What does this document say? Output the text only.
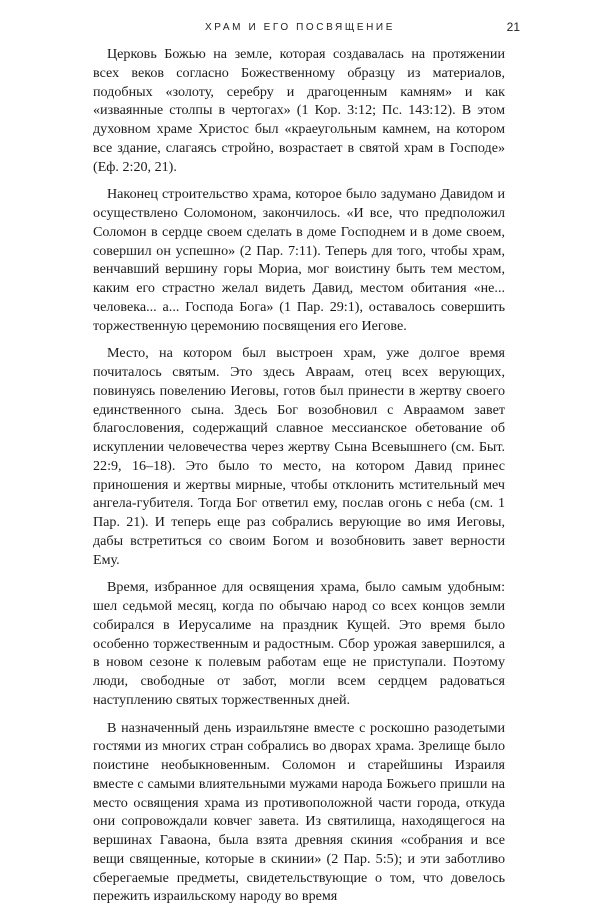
ХРАМ И ЕГО ПОСВЯЩЕНИЕ	21

Церковь Божью на земле, которая создавалась на протяжении всех веков согласно Божественному образцу из материалов, подобных «золоту, серебру и драгоценным камням» и как «изваянные столпы в чертогах» (1 Кор. 3:12; Пс. 143:12). В этом духовном храме Христос был «краеугольным камнем, на котором все здание, слагаясь стройно, возрастает в святой храм в Господе» (Еф. 2:20, 21).

Наконец строительство храма, которое было задумано Давидом и осуществлено Соломоном, закончилось. «И все, что предположил Соломон в сердце своем сделать в доме Господнем и в доме своем, совершил он успешно» (2 Пар. 7:11). Теперь для того, чтобы храм, венчавший вершину горы Мориа, мог воистину быть тем местом, каким его страстно желал видеть Давид, местом обитания «не... человека... а... Господа Бога» (1 Пар. 29:1), оставалось совершить торжественную церемонию посвящения его Иегове.

Место, на котором был выстроен храм, уже долгое время почиталось святым. Это здесь Авраам, отец всех верующих, повинуясь повелению Иеговы, готов был принести в жертву своего единственного сына. Здесь Бог возобновил с Авраамом завет благословения, содержащий славное мессианское обетование об искуплении человечества через жертву Сына Всевышнего (см. Быт. 22:9, 16–18). Это было то место, на котором Давид принес приношения и жертвы мирные, чтобы отклонить мстительный меч ангела-губителя. Тогда Бог ответил ему, послав огонь с неба (см. 1 Пар. 21). И теперь еще раз собрались верующие во имя Иеговы, дабы встретиться со своим Богом и возобновить завет верности Ему.

Время, избранное для освящения храма, было самым удобным: шел седьмой месяц, когда по обычаю народ со всех концов земли собирался в Иерусалиме на праздник Кущей. Это время было особенно торжественным и радостным. Сбор урожая завершился, а в новом сезоне к полевым работам еще не приступали. Поэтому люди, свободные от забот, могли всем сердцем радоваться наступлению святых торжественных дней.

В назначенный день израильтяне вместе с роскошно разодетыми гостями из многих стран собрались во дворах храма. Зрелище было поистине необыкновенным. Соломон и старейшины Израиля вместе с самыми влиятельными мужами народа Божьего пришли на место освящения храма из противоположной части города, откуда они сопровождали ковчег завета. Из святилища, находящегося на вершинах Гаваона, была взята древняя скиния «собрания и все вещи священные, которые в скинии» (2 Пар. 5:5); и эти заботливо сберегаемые предметы, свидетельствующие о том, что довелось пережить израильскому народу во время
